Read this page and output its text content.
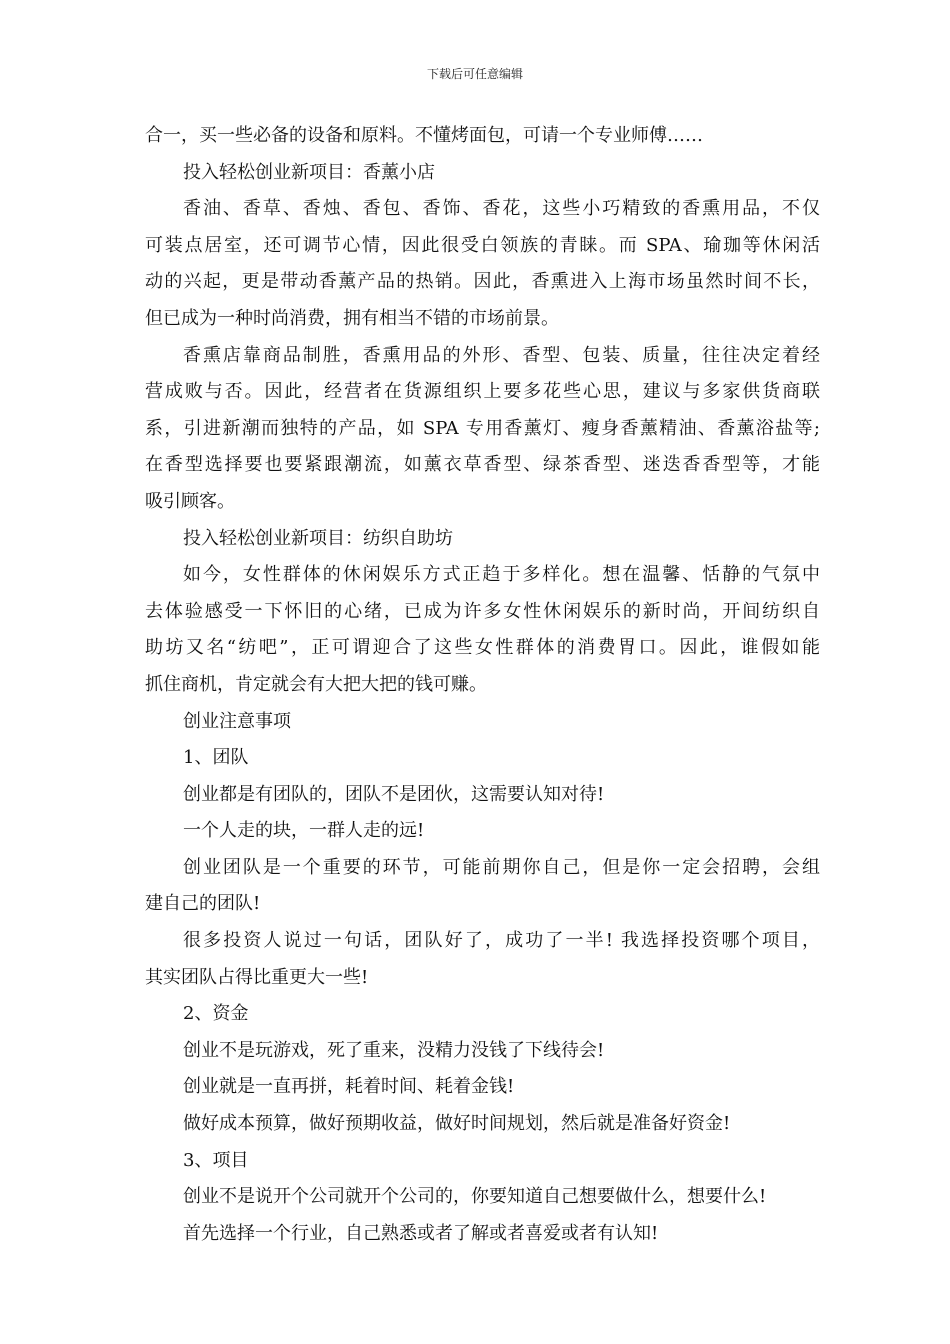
下载后可任意编辑
合一，买一些必备的设备和原料。不懂烤面包，可请一个专业师傅……
投入轻松创业新项目：香薰小店
香油、香草、香烛、香包、香饰、香花，这些小巧精致的香熏用品，不仅
可装点居室，还可调节心情，因此很受白领族的青睐。而 SPA、瑜珈等休闲活
动的兴起，更是带动香薰产品的热销。因此，香熏进入上海市场虽然时间不长，
但已成为一种时尚消费，拥有相当不错的市场前景。
香熏店靠商品制胜，香熏用品的外形、香型、包装、质量，往往决定着经
营成败与否。因此，经营者在货源组织上要多花些心思，建议与多家供货商联
系，引进新潮而独特的产品，如 SPA 专用香薰灯、瘦身香薰精油、香薰浴盐等;
在香型选择要也要紧跟潮流，如薰衣草香型、绿茶香型、迷迭香香型等，才能
吸引顾客。
投入轻松创业新项目：纺织自助坊
如今，女性群体的休闲娱乐方式正趋于多样化。想在温馨、恬静的气氛中
去体验感受一下怀旧的心绪，已成为许多女性休闲娱乐的新时尚，开间纺织自
助坊又名“纺吧”，正可谓迎合了这些女性群体的消费胃口。因此，谁假如能
抓住商机，肯定就会有大把大把的钱可赚。
创业注意事项
1、团队
创业都是有团队的，团队不是团伙，这需要认知对待!
一个人走的块，一群人走的远!
创业团队是一个重要的环节，可能前期你自己，但是你一定会招聘，会组
建自己的团队!
很多投资人说过一句话，团队好了，成功了一半! 我选择投资哪个项目，
其实团队占得比重更大一些!
2、资金
创业不是玩游戏，死了重来，没精力没钱了下线待会!
创业就是一直再拼，耗着时间、耗着金钱!
做好成本预算，做好预期收益，做好时间规划，然后就是准备好资金!
3、项目
创业不是说开个公司就开个公司的，你要知道自己想要做什么，想要什么!
首先选择一个行业，自己熟悉或者了解或者喜爱或者有认知!
